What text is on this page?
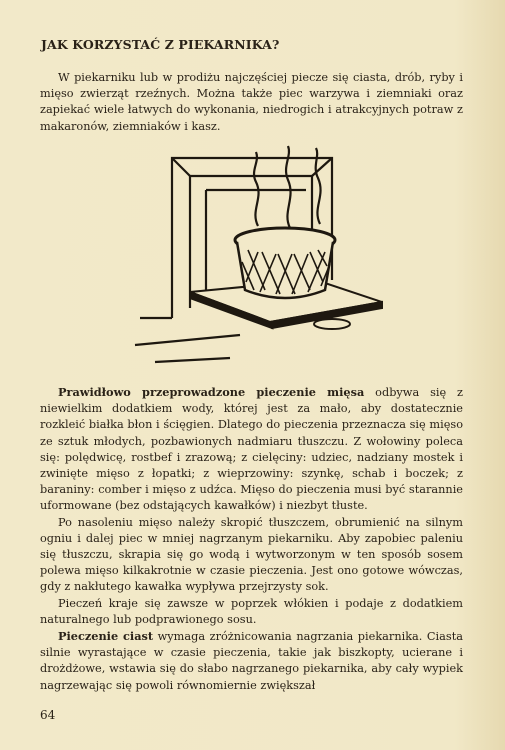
JAK KORZYSTAĆ Z PIEKARNIKA?

W piekarniku lub w prodiżu najczęściej piecze się ciasta, drób, ryby i mięso zwierząt rzeźnych. Można także piec warzywa i ziemniaki oraz zapiekać wiele łatwych do wykonania, niedrogich i atrakcyjnych potraw z makaronów, ziemniaków i kasz.

Prawidłowo przeprowadzone pieczenie mięsa odbywa się z niewielkim dodatkiem wody, której jest za mało, aby dostatecznie rozkleić białka błon i ścięgien. Dlatego do pieczenia przeznacza się mięso ze sztuk młodych, pozbawionych nadmiaru tłuszczu. Z wołowiny poleca się: polędwicę, rostbef i zrazową; z cielęciny: udziec, nadziany mostek i zwinięte mięso z łopatki; z wieprzowiny: szynkę, schab i boczek; z baraniny: comber i mięso z udźca. Mięso do pieczenia musi być starannie uformowane (bez odstających kawałków) i niezbyt tłuste.

Po nasoleniu mięso należy skropić tłuszczem, obrumienić na silnym ogniu i dalej piec w mniej nagrzanym piekarniku. Aby zapobiec paleniu się tłuszczu, skrapia się go wodą i wytworzonym w ten sposób sosem polewa mięso kilkakrotnie w czasie pieczenia. Jest ono gotowe wówczas, gdy z nakłutego kawałka wypływa przejrzysty sok.

Pieczeń kraje się zawsze w poprzek włókien i podaje z dodatkiem naturalnego lub podprawionego sosu.

Pieczenie ciast wymaga zróżnicowania nagrzania piekarnika. Ciasta silnie wyrastające w czasie pieczenia, takie jak biszkopty, ucierane i drożdżowe, wstawia się do słabo nagrzanego piekarnika, aby cały wypiek nagrzewając się powoli równomiernie zwiększał

64
